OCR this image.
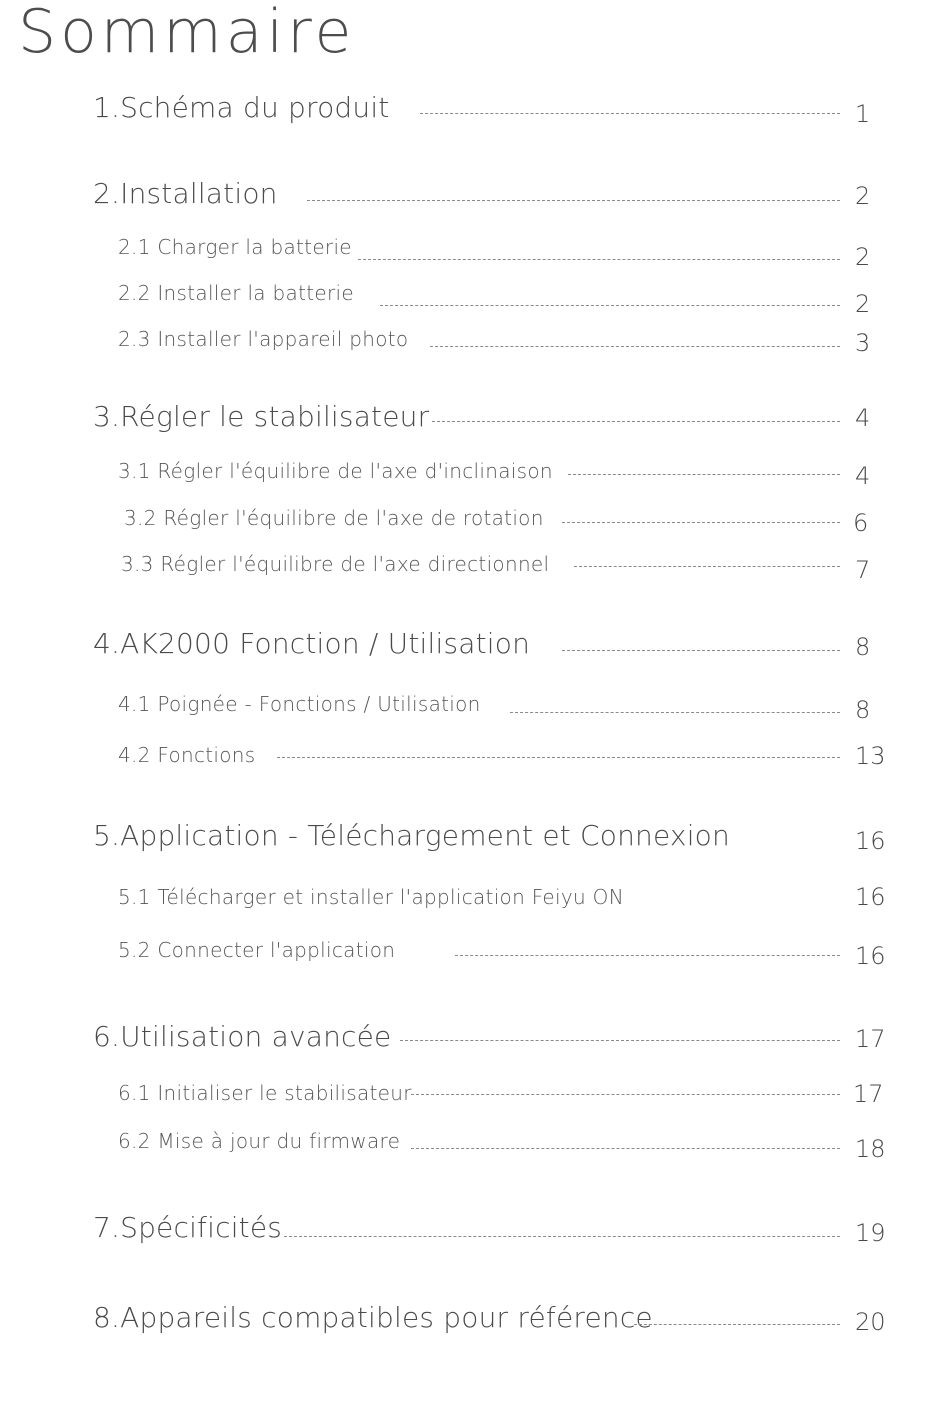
Sommaire
1.Schéma du produit	1
2.Installation	2
2.1 Charger la batterie	2
2.2 Installer la batterie	2
2.3 Installer l'appareil photo	3
3.Régler le stabilisateur	4
3.1 Régler l'équilibre de l'axe d'inclinaison	4
3.2 Régler l'équilibre de l'axe de rotation	6
3.3 Régler l'équilibre de l'axe directionnel	7
4.AK2000 Fonction / Utilisation	8
4.1 Poignée - Fonctions / Utilisation	8
4.2 Fonctions	13
5.Application - Téléchargement et Connexion	16
5.1 Télécharger et installer l'application Feiyu ON	16
5.2 Connecter l'application	16
6.Utilisation avancée	17
6.1 Initialiser le stabilisateur	17
6.2 Mise à jour du firmware	18
7.Spécificités	19
8.Appareils compatibles pour référence	20
